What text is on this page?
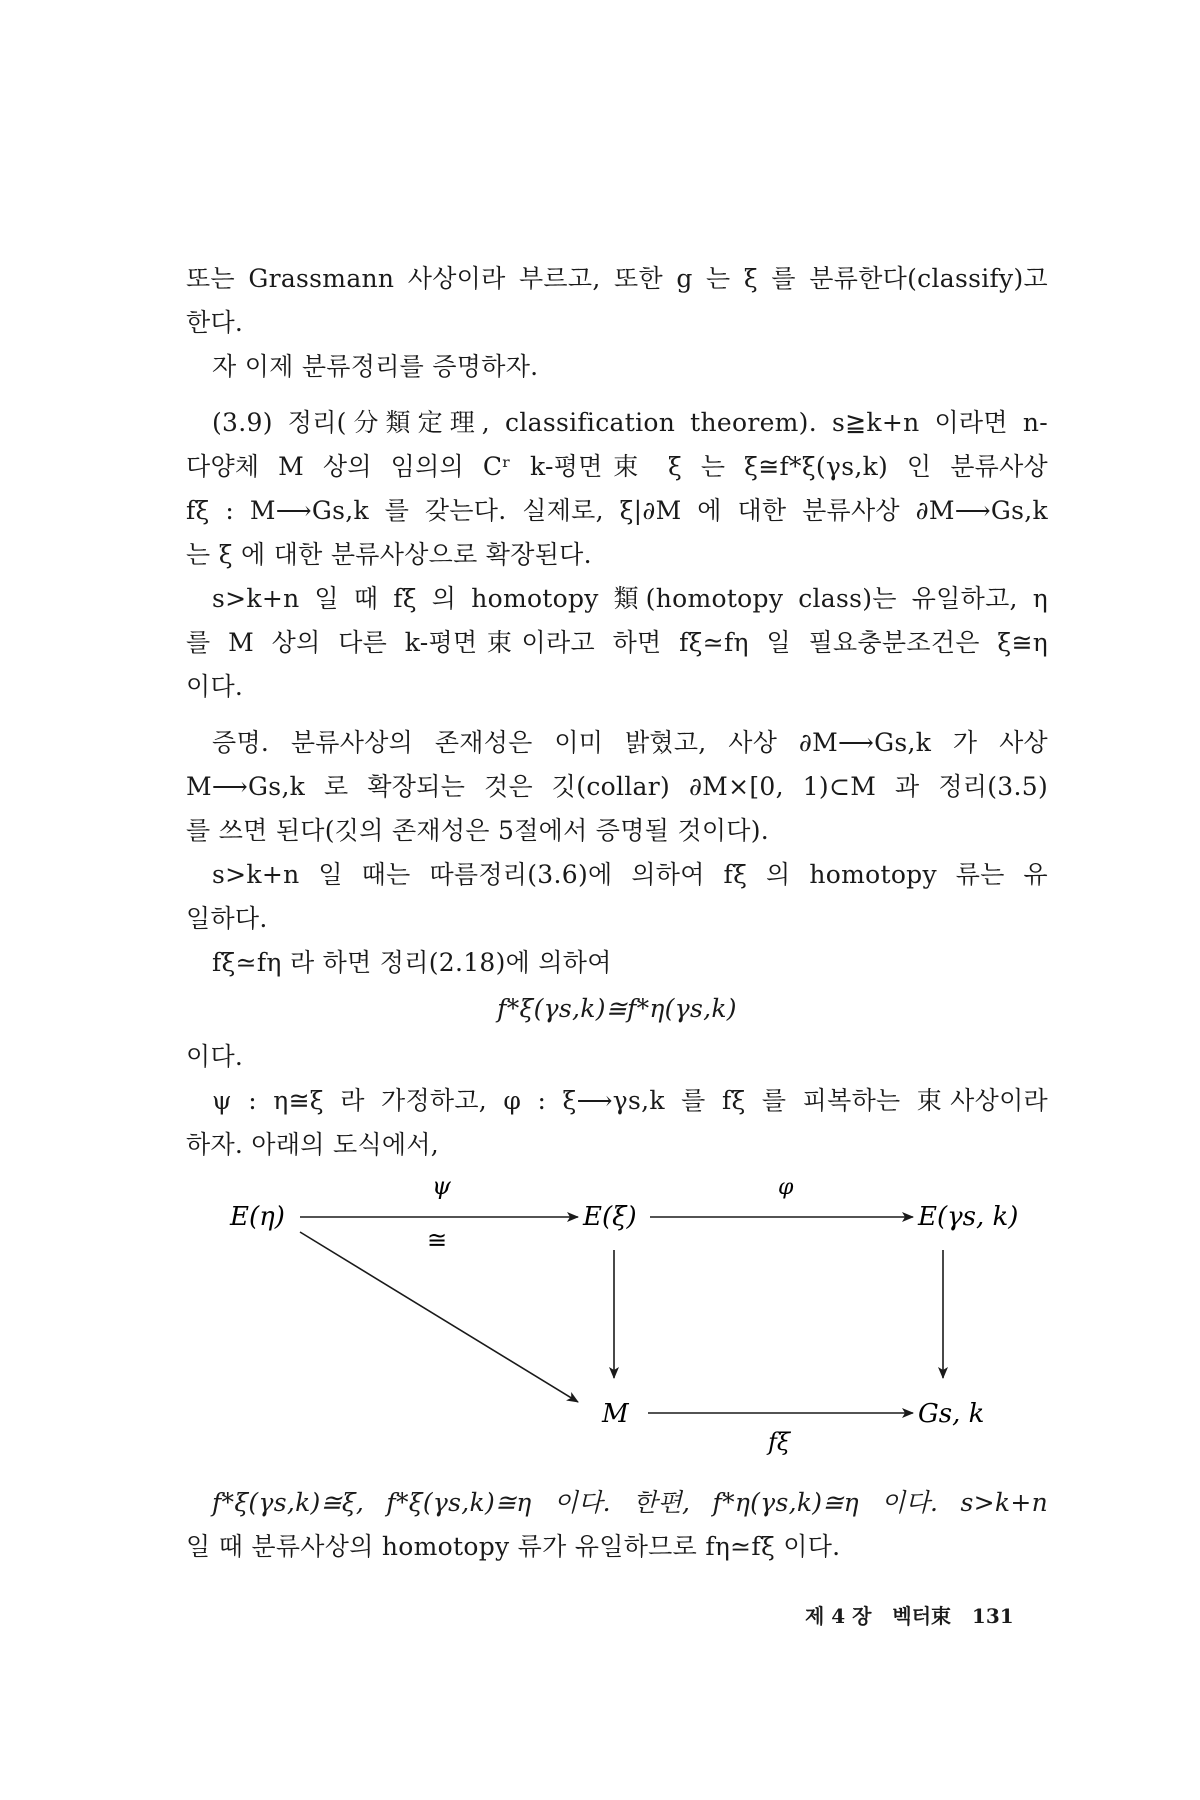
또는 Grassmann 사상이라 부르고, 또한 g 는 ξ 를 분류한다(classify)고
한다.
자 이제 분류정리를 증명하자.
(3.9) 정리(分類定理, classification theorem). s≧k+n 이라면 n-
다양체 M 상의 임의의 Cʳ k-평면束 ξ 는 ξ≅f*ξ(γs,k) 인 분류사상
fξ : M⟶Gs,k 를 갖는다. 실제로, ξ|∂M 에 대한 분류사상 ∂M⟶Gs,k
는 ξ 에 대한 분류사상으로 확장된다.
s>k+n 일 때 fξ 의 homotopy 類(homotopy class)는 유일하고, η
를 M 상의 다른 k-평면束이라고 하면 fξ≃fη 일 필요충분조건은 ξ≅η
이다.
증명. 분류사상의 존재성은 이미 밝혔고, 사상 ∂M⟶Gs,k 가 사상
M⟶Gs,k 로 확장되는 것은 깃(collar) ∂M×[0, 1)⊂M 과 정리(3.5)
를 쓰면 된다(깃의 존재성은 5절에서 증명될 것이다).
s>k+n 일 때는 따름정리(3.6)에 의하여 fξ 의 homotopy 류는 유
일하다.
fξ≃fη 라 하면 정리(2.18)에 의하여
f*ξ(γs,k)≅f*η(γs,k)
이다.
ψ : η≅ξ 라 가정하고, φ : ξ⟶γs,k 를 fξ 를 피복하는 束사상이라
하자. 아래의 도식에서,
E(η)	E(ξ)	E(γs, k)
M	Gs, k
ψ
≅
φ
fξ
f*ξ(γs,k)≅ξ, f*ξ(γs,k)≅η 이다. 한편, f*η(γs,k)≅η 이다. s>k+n
일 때 분류사상의 homotopy 류가 유일하므로 fη≃fξ 이다.
제 4 장 벡터束 131
